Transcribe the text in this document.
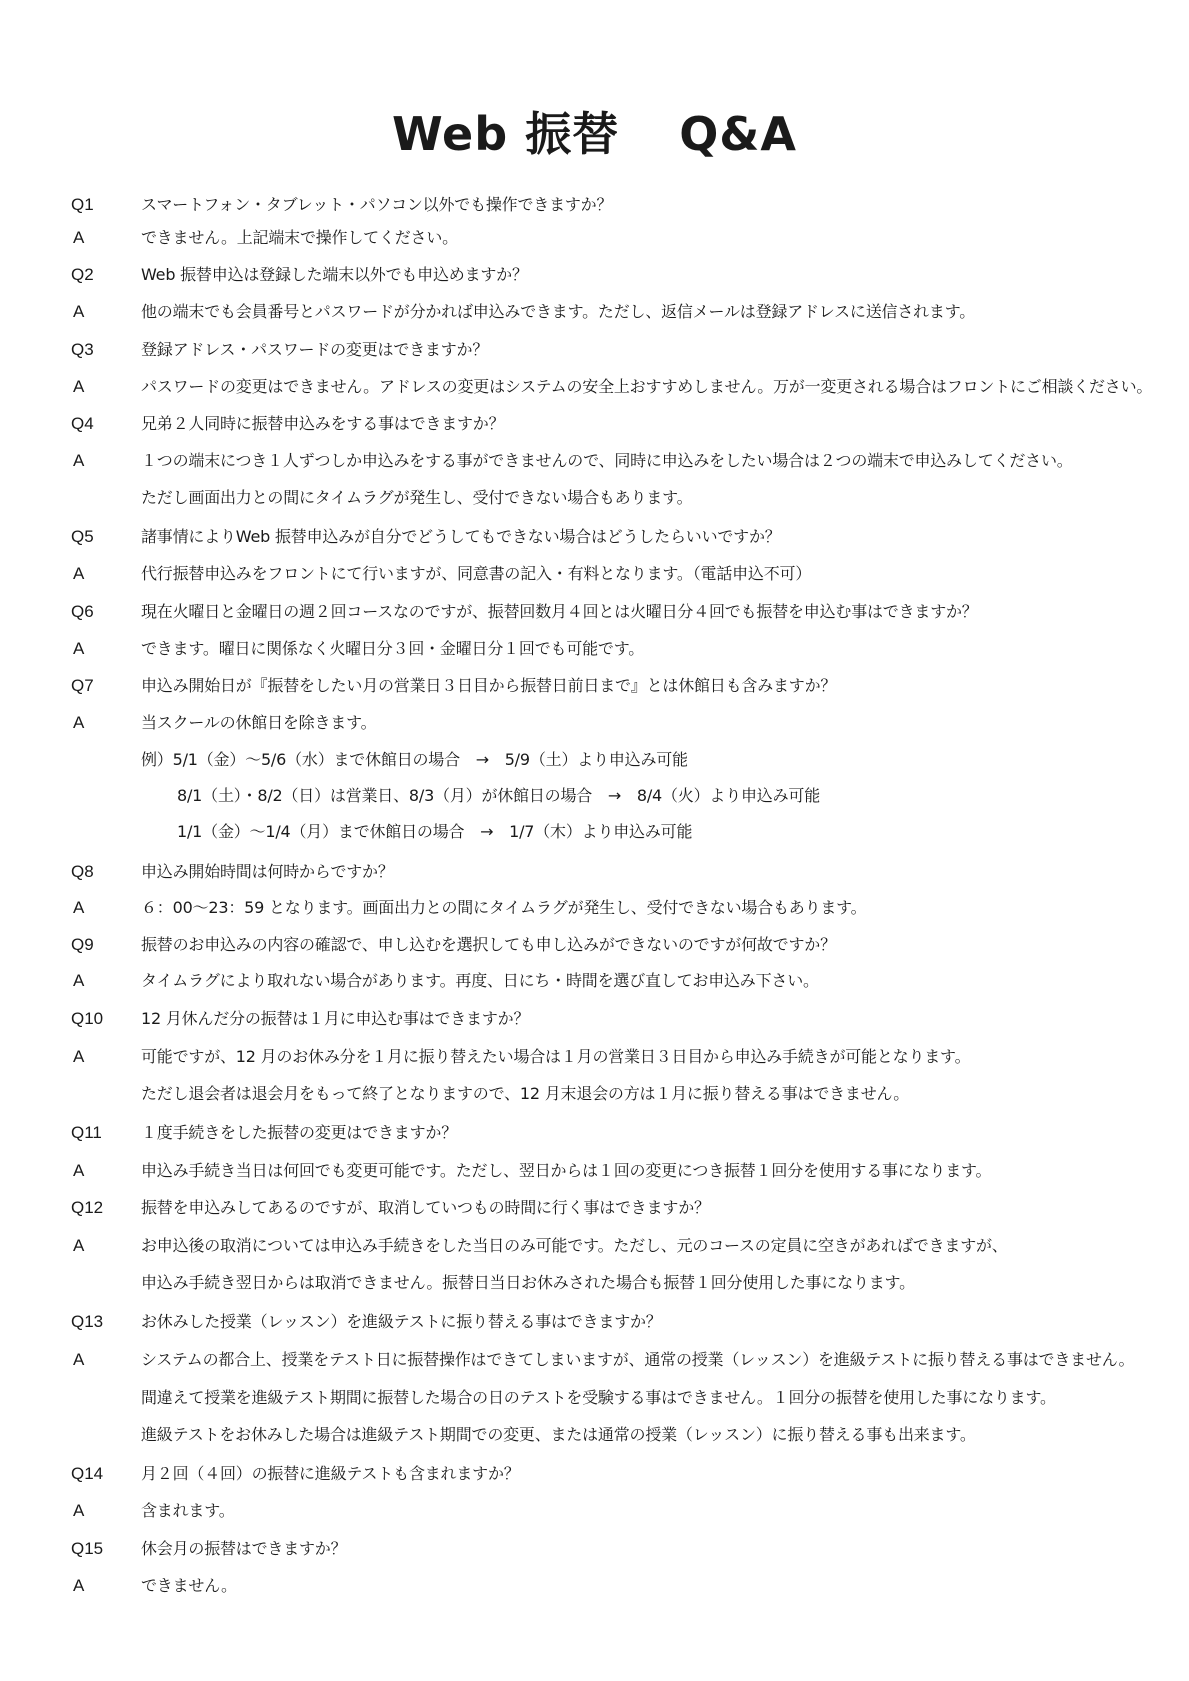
Web 振替 Q&A
Q1	スマートフォン・タブレット・パソコン以外でも操作できますか？
A	できません。上記端末で操作してください。
Q2	Web 振替申込は登録した端末以外でも申込めますか？
A	他の端末でも会員番号とパスワードが分かれば申込みできます。ただし、返信メールは登録アドレスに送信されます。
Q3	登録アドレス・パスワードの変更はできますか？
A	パスワードの変更はできません。アドレスの変更はシステムの安全上おすすめしません。万が一変更される場合はフロントにご相談ください。
Q4	兄弟２人同時に振替申込みをする事はできますか？
A	１つの端末につき１人ずつしか申込みをする事ができませんので、同時に申込みをしたい場合は２つの端末で申込みしてください。
ただし画面出力との間にタイムラグが発生し、受付できない場合もあります。
Q5	諸事情によりWeb 振替申込みが自分でどうしてもできない場合はどうしたらいいですか？
A	代行振替申込みをフロントにて行いますが、同意書の記入・有料となります。（電話申込不可）
Q6	現在火曜日と金曜日の週２回コースなのですが、振替回数月４回とは火曜日分４回でも振替を申込む事はできますか？
A	できます。曜日に関係なく火曜日分３回・金曜日分１回でも可能です。
Q7	申込み開始日が『振替をしたい月の営業日３日目から振替日前日まで』とは休館日も含みますか？
A	当スクールの休館日を除きます。
例）5/1（金）～5/6（水）まで休館日の場合　→　5/9（土）より申込み可能
8/1（土）・8/2（日）は営業日、8/3（月）が休館日の場合　→　8/4（火）より申込み可能
1/1（金）～1/4（月）まで休館日の場合　→　1/7（木）より申込み可能
Q8	申込み開始時間は何時からですか？
A	６：00～23：59 となります。画面出力との間にタイムラグが発生し、受付できない場合もあります。
Q9	振替のお申込みの内容の確認で、申し込むを選択しても申し込みができないのですが何故ですか？
A	タイムラグにより取れない場合があります。再度、日にち・時間を選び直してお申込み下さい。
Q10 12 月休んだ分の振替は１月に申込む事はできますか？
A	可能ですが、12 月のお休み分を１月に振り替えたい場合は１月の営業日３日目から申込み手続きが可能となります。
ただし退会者は退会月をもって終了となりますので、12 月末退会の方は１月に振り替える事はできません。
Q11 １度手続きをした振替の変更はできますか？
A	申込み手続き当日は何回でも変更可能です。ただし、翌日からは１回の変更につき振替１回分を使用する事になります。
Q12 振替を申込みしてあるのですが、取消していつもの時間に行く事はできますか？
A	お申込後の取消については申込み手続きをした当日のみ可能です。ただし、元のコースの定員に空きがあればできますが、
申込み手続き翌日からは取消できません。振替日当日お休みされた場合も振替１回分使用した事になります。
Q13 お休みした授業（レッスン）を進級テストに振り替える事はできますか？
A	システムの都合上、授業をテスト日に振替操作はできてしまいますが、通常の授業（レッスン）を進級テストに振り替える事はできません。
間違えて授業を進級テスト期間に振替した場合の日のテストを受験する事はできません。１回分の振替を使用した事になります。
進級テストをお休みした場合は進級テスト期間での変更、または通常の授業（レッスン）に振り替える事も出来ます。
Q14 月２回（４回）の振替に進級テストも含まれますか？
A	含まれます。
Q15 休会月の振替はできますか？
A	できません。
